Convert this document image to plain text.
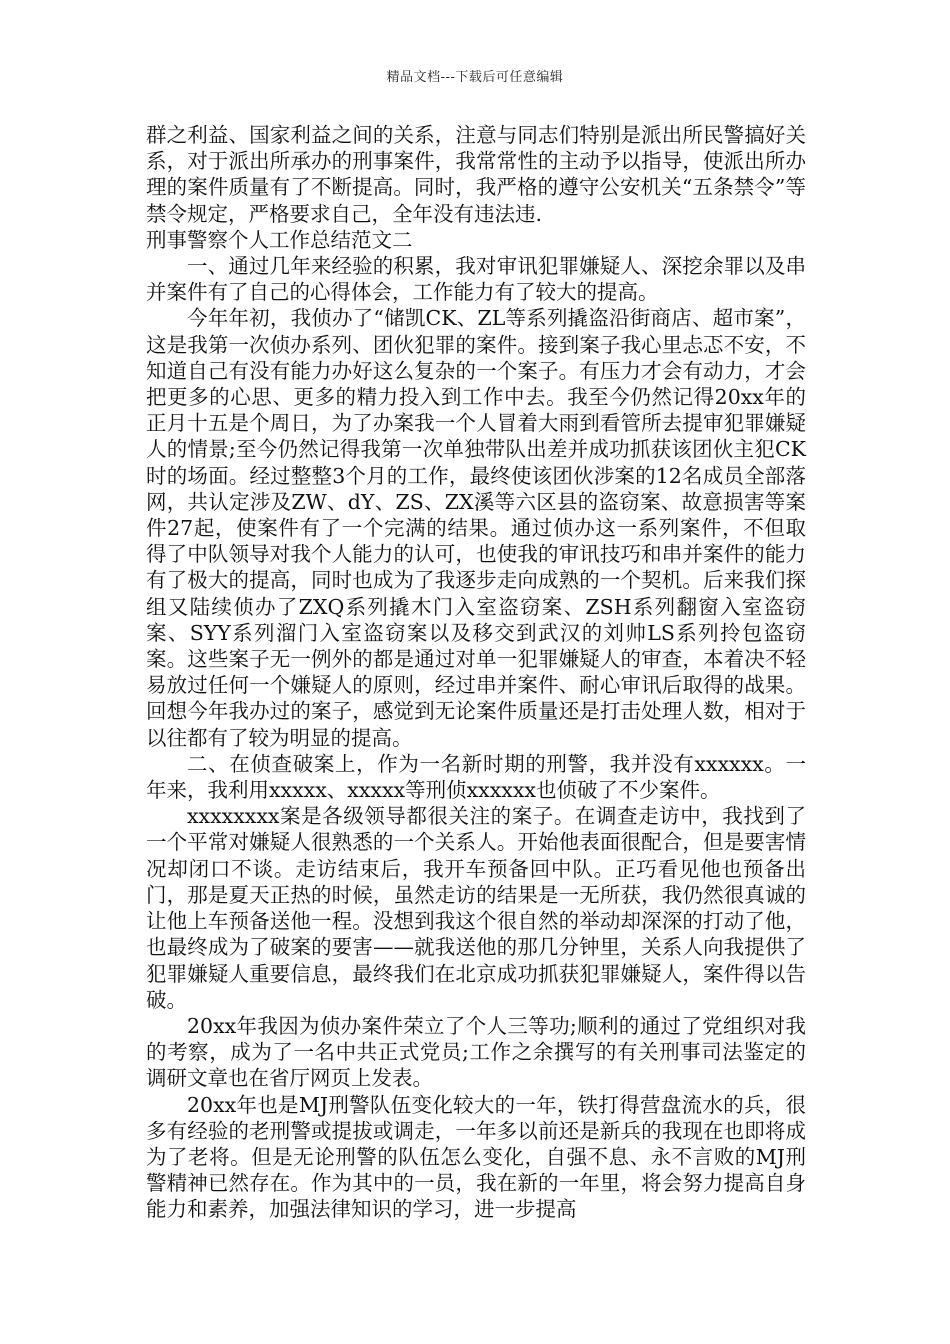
精品文档---下载后可任意编辑

群之利益、国家利益之间的关系，注意与同志们特别是派出所民警搞好关系，对于派出所承办的刑事案件，我常常性的主动予以指导，使派出所办理的案件质量有了不断提高。同时，我严格的遵守公安机关“五条禁令”等禁令规定，严格要求自己，全年没有违法违.

刑事警察个人工作总结范文二

一、通过几年来经验的积累，我对审讯犯罪嫌疑人、深挖余罪以及串并案件有了自己的心得体会，工作能力有了较大的提高。

今年年初，我侦办了“储凯CK、ZL等系列撬盗沿街商店、超市案”，这是我第一次侦办系列、团伙犯罪的案件。接到案子我心里忐忑不安，不知道自己有没有能力办好这么复杂的一个案子。有压力才会有动力，才会把更多的心思、更多的精力投入到工作中去。我至今仍然记得20xx年的正月十五是个周日，为了办案我一个人冒着大雨到看管所去提审犯罪嫌疑人的情景;至今仍然记得我第一次单独带队出差并成功抓获该团伙主犯CK时的场面。经过整整3个月的工作，最终使该团伙涉案的12名成员全部落网，共认定涉及ZW、dY、ZS、ZX溪等六区县的盗窃案、故意损害等案件27起，使案件有了一个完满的结果。通过侦办这一系列案件，不但取得了中队领导对我个人能力的认可，也使我的审讯技巧和串并案件的能力有了极大的提高，同时也成为了我逐步走向成熟的一个契机。后来我们探组又陆续侦办了ZXQ系列撬木门入室盗窃案、ZSH系列翻窗入室盗窃案、SYY系列溜门入室盗窃案以及移交到武汉的刘帅LS系列拎包盗窃案。这些案子无一例外的都是通过对单一犯罪嫌疑人的审查，本着决不轻易放过任何一个嫌疑人的原则，经过串并案件、耐心审讯后取得的战果。回想今年我办过的案子，感觉到无论案件质量还是打击处理人数，相对于以往都有了较为明显的提高。

二、在侦查破案上，作为一名新时期的刑警，我并没有xxxxxx。一年来，我利用xxxxx、xxxxx等刑侦xxxxxx也侦破了不少案件。

xxxxxxxx案是各级领导都很关注的案子。在调查走访中，我找到了一个平常对嫌疑人很熟悉的一个关系人。开始他表面很配合，但是要害情况却闭口不谈。走访结束后，我开车预备回中队。正巧看见他也预备出门，那是夏天正热的时候，虽然走访的结果是一无所获，我仍然很真诚的让他上车预备送他一程。没想到我这个很自然的举动却深深的打动了他，也最终成为了破案的要害——就我送他的那几分钟里，关系人向我提供了犯罪嫌疑人重要信息，最终我们在北京成功抓获犯罪嫌疑人，案件得以告破。

20xx年我因为侦办案件荣立了个人三等功;顺利的通过了党组织对我的考察，成为了一名中共正式党员;工作之余撰写的有关刑事司法鉴定的调研文章也在省厅网页上发表。

20xx年也是MJ刑警队伍变化较大的一年，铁打得营盘流水的兵，很多有经验的老刑警或提拔或调走，一年多以前还是新兵的我现在也即将成为了老将。但是无论刑警的队伍怎么变化，自强不息、永不言败的MJ刑警精神已然存在。作为其中的一员，我在新的一年里，将会努力提高自身能力和素养，加强法律知识的学习，进一步提高
